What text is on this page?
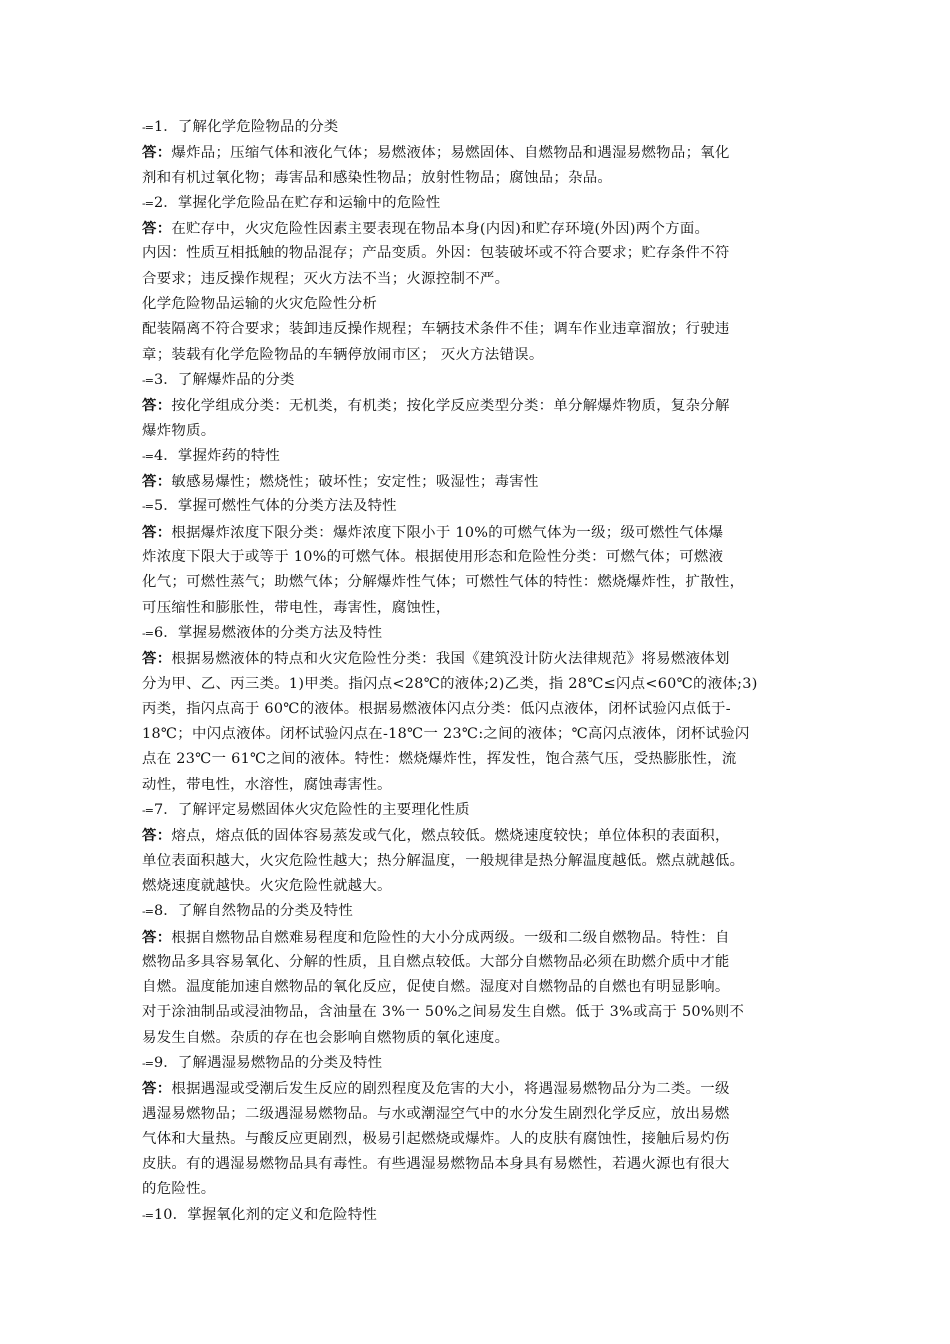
-=1．了解化学危险物品的分类
答：爆炸品；压缩气体和液化气体；易燃液体；易燃固体、自燃物品和遇湿易燃物品；氧化
剂和有机过氧化物；毒害品和感染性物品；放射性物品；腐蚀品；杂品。
-=2．掌握化学危险品在贮存和运输中的危险性
答：在贮存中，火灾危险性因素主要表现在物品本身(内因)和贮存环境(外因)两个方面。
内因：性质互相抵触的物品混存；产品变质。外因：包装破坏或不符合要求；贮存条件不符
合要求；违反操作规程；灭火方法不当；火源控制不严。
化学危险物品运输的火灾危险性分析
配装隔离不符合要求；装卸违反操作规程；车辆技术条件不佳；调车作业违章溜放；行驶违
章；装载有化学危险物品的车辆停放闹市区； 灭火方法错误。
-=3．了解爆炸品的分类
答：按化学组成分类：无机类，有机类；按化学反应类型分类：单分解爆炸物质，复杂分解
爆炸物质。
-=4．掌握炸药的特性
答：敏感易爆性；燃烧性；破坏性；安定性；吸湿性；毒害性
-=5．掌握可燃性气体的分类方法及特性
答：根据爆炸浓度下限分类：爆炸浓度下限小于 10%的可燃气体为一级；级可燃性气体爆
炸浓度下限大于或等于 10%的可燃气体。根据使用形态和危险性分类：可燃气体；可燃液
化气；可燃性蒸气；助燃气体；分解爆炸性气体；可燃性气体的特性：燃烧爆炸性，扩散性，
可压缩性和膨胀性，带电性，毒害性，腐蚀性，
-=6．掌握易燃液体的分类方法及特性
答：根据易燃液体的特点和火灾危险性分类：我国《建筑没计防火法律规范》将易燃液体划
分为甲、乙、丙三类。1)甲类。指闪点<28℃的液体;2)乙类，指 28℃≤闪点<60℃的液体;3)
丙类，指闪点高于 60℃的液体。根据易燃液体闪点分类：低闪点液体，闭杯试验闪点低于-
18℃；中闪点液体。闭杯试验闪点在-18℃一 23℃:之间的液体；℃高闪点液体，闭杯试验闪
点在 23℃一 61℃之间的液体。特性：燃烧爆炸性，挥发性，饱合蒸气压，受热膨胀性，流
动性，带电性，水溶性，腐蚀毒害性。
-=7．了解评定易燃固体火灾危险性的主要理化性质
答：熔点，熔点低的固体容易蒸发或气化，燃点较低。燃烧速度较快；单位体积的表面积，
单位表面积越大，火灾危险性越大；热分解温度，一般规律是热分解温度越低。燃点就越低。
燃烧速度就越快。火灾危险性就越大。
-=8．了解自然物品的分类及特性
答：根据自燃物品自燃难易程度和危险性的大小分成两级。一级和二级自燃物品。特性：自
燃物品多具容易氧化、分解的性质，且自燃点较低。大部分自燃物品必须在助燃介质中才能
自燃。温度能加速自燃物品的氧化反应，促使自燃。湿度对自燃物品的自燃也有明显影响。
对于涂油制品或浸油物品，含油量在 3%一 50%之间易发生自燃。低于 3%或高于 50%则不
易发生自燃。杂质的存在也会影响自燃物质的氧化速度。
-=9．了解遇湿易燃物品的分类及特性
答：根据遇湿或受潮后发生反应的剧烈程度及危害的大小，将遇湿易燃物品分为二类。一级
遇湿易燃物品；二级遇湿易燃物品。与水或潮湿空气中的水分发生剧烈化学反应，放出易燃
气体和大量热。与酸反应更剧烈，极易引起燃烧或爆炸。人的皮肤有腐蚀性，接触后易灼伤
皮肤。有的遇湿易燃物品具有毒性。有些遇湿易燃物品本身具有易燃性，若遇火源也有很大
的危险性。
-=10．掌握氧化剂的定义和危险特性
